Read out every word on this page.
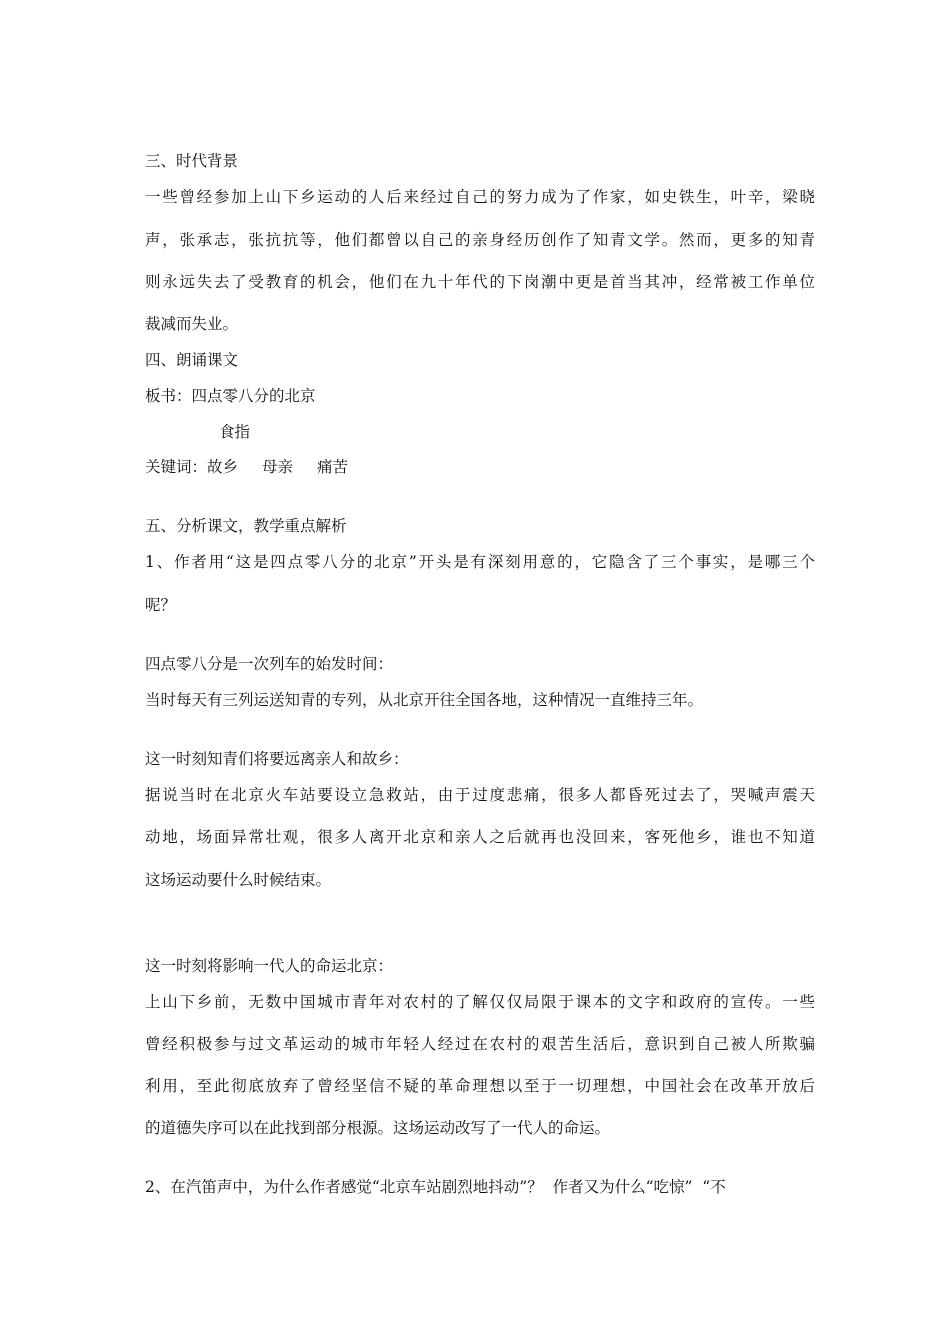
三、时代背景
一些曾经参加上山下乡运动的人后来经过自己的努力成为了作家，如史铁生，叶辛，梁晓
声，张承志，张抗抗等，他们都曾以自己的亲身经历创作了知青文学。然而，更多的知青
则永远失去了受教育的机会，他们在九十年代的下岗潮中更是首当其冲，经常被工作单位
裁减而失业。
四、朗诵课文
板书：四点零八分的北京
食指
关键词：故乡 母亲 痛苦
五、分析课文，教学重点解析
1、作者用“这是四点零八分的北京”开头是有深刻用意的，它隐含了三个事实，是哪三个
呢？
四点零八分是一次列车的始发时间：
当时每天有三列运送知青的专列，从北京开往全国各地，这种情况一直维持三年。
这一时刻知青们将要远离亲人和故乡：
据说当时在北京火车站要设立急救站，由于过度悲痛，很多人都昏死过去了，哭喊声震天
动地，场面异常壮观，很多人离开北京和亲人之后就再也没回来，客死他乡，谁也不知道
这场运动要什么时候结束。
这一时刻将影响一代人的命运北京：
上山下乡前，无数中国城市青年对农村的了解仅仅局限于课本的文字和政府的宣传。一些
曾经积极参与过文革运动的城市年轻人经过在农村的艰苦生活后，意识到自己被人所欺骗
利用，至此彻底放弃了曾经坚信不疑的革命理想以至于一切理想，中国社会在改革开放后
的道德失序可以在此找到部分根源。这场运动改写了一代人的命运。
2、在汽笛声中，为什么作者感觉“北京车站剧烈地抖动”？  作者又为什么“吃惊”  “不
